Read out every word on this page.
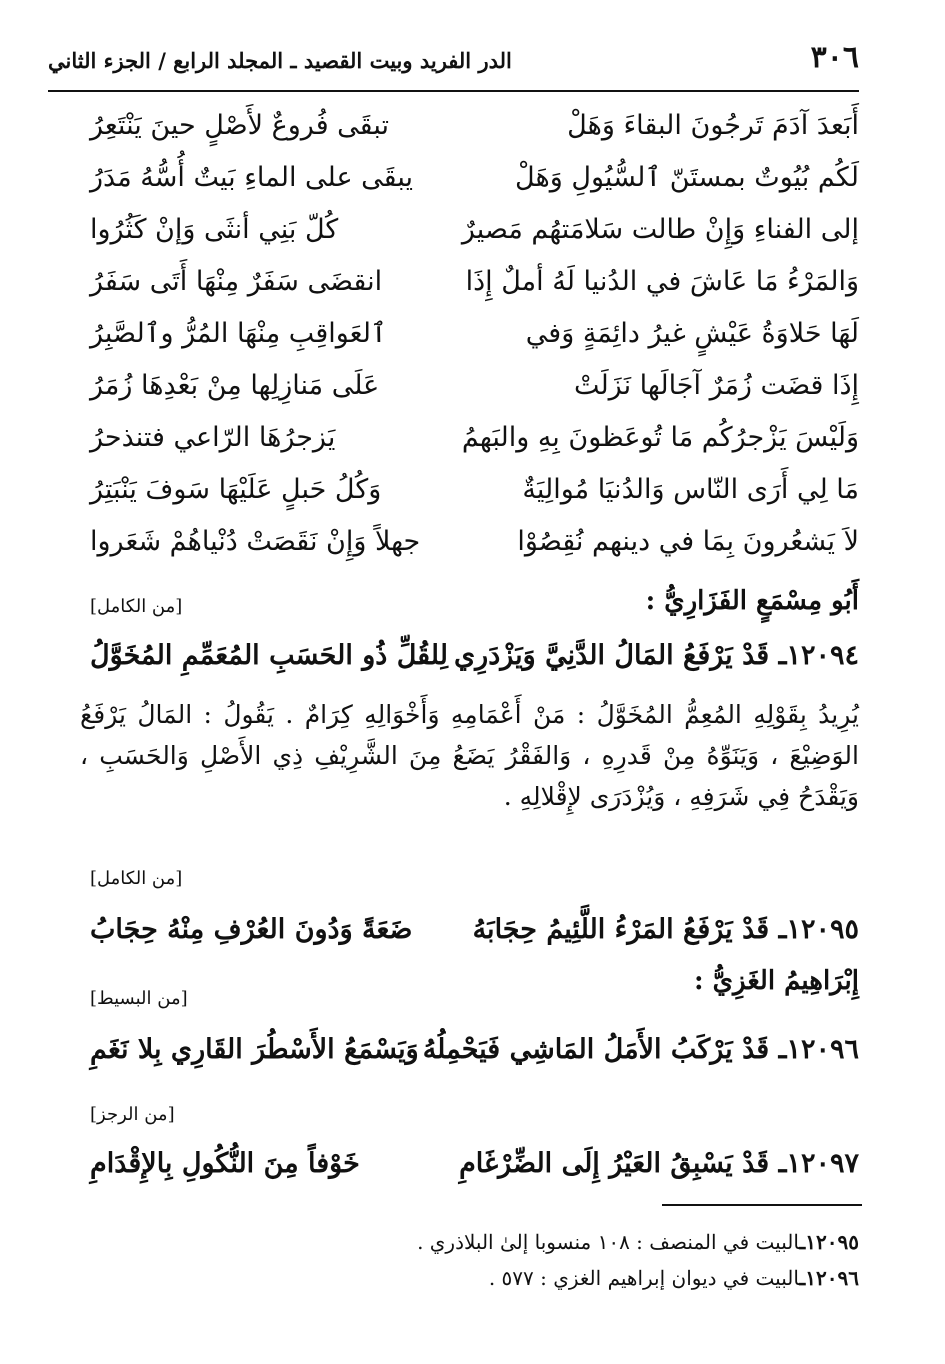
٣٠٦
الدر الفريد وبيت القصيد ـ المجلد الرابع / الجزء الثاني
أَبَعدَ آدَمَ تَرجُونَ البقاءَ وَهَلْ
تبقَى فُروعٌ لأَصْلٍ حينَ يَنْتَعِرُ
لَكُم بُيُوتٌ بمستَنّ ٱلسُّيُولِ وَهَلْ
يبقَى على الماءِ بَيتٌ أُسُّهُ مَدَرُ
إلى الفناءِ وَإِنْ طالت سَلامَتهُم مَصيرٌ
كُلّ بَنِي أنثَى وَإنْ كَثُرُوا
وَالمَرْءُ مَا عَاشَ في الدُنيا لَهُ أملٌ إِذَا
انقضَى سَفَرٌ مِنْهَا أَتَى سَفَرُ
لَهَا حَلاوَةُ عَيْشٍ غيرُ دائِمَةٍ وَفي
ٱلعَواقِبِ مِنْهَا المُرُّ وٱلصَّبِرُ
إِذَا قضَت زُمَرٌ آجَالَها نَزَلَتْ
عَلَى مَنازِلِها مِنْ بَعْدِهَا زُمَرُ
وَلَيْسَ يَزْجرُكُم مَا تُوعَظونَ بِهِ والبَهمُ
يَزجرُهَا الرّاعي فتنذحرُ
مَا لِي أَرَى النّاس وَالدُنيَا مُوالِيَةٌ
وَكُلُ حَبلٍ عَلَيْهَا سَوفَ يَنْبَتِرُ
لاَ يَشعُرونَ بِمَا في دينهم نُقِصُوْا
جهلاً وَإِنْ نَقَصَتْ دُنْياهُمْ شَعَروا
أَبُو مِسْمَعٍ الفَزَارِيُّ :
[من الكامل]
١٢٠٩٤ـ قَدْ يَرْفَعُ المَالُ الدَّنِيَّ وَيَزْدَرِي
لِلقُلِّ ذُو الحَسَبِ المُعَمِّمِ المُخَوَّلُ
يُرِيدُ بِقَوْلِهِ المُعِمُّ المُخَوَّلُ : مَنْ أَعْمَامِهِ وَأَخْوَالِهِ كِرَامٌ . يَقُولُ : المَالُ يَرْفَعُ الوَضِيْعَ ، وَيَنَوِّهُ مِنْ قَدرِهِ ، وَالفَقْرُ يَضَعُ مِنَ الشَّرِيْفِ ذِي الأَصْلِ وَالحَسَبِ ، وَيَقْدَحُ فِي شَرَفِهِ ، وَيُزْدَرَى لإِقْلالِهِ .
[من الكامل]
١٢٠٩٥ـ قَدْ يَرْفَعُ المَرْءُ اللَّئِيمُ حِجَابَهُ
ضَعَةً وَدُونَ العُرْفِ مِنْهُ حِجَابُ
إِبْرَاهِيمُ الغَزِيُّ :
[من البسيط]
١٢٠٩٦ـ قَدْ يَرْكَبُ الأَمَلُ المَاشِي فَيَحْمِلُهُ
وَيَسْمَعُ الأَسْطُرَ القَارِي بِلا نَغَمِ
[من الرجز]
١٢٠٩٧ـ قَدْ يَسْبِقُ العَيْرُ إِلَى الضِّرْغَامِ
خَوْفاً مِنَ النُّكُولِ بِالإِقْدَامِ
١٢٠٩٥ـالبيت في المنصف : ١٠٨ منسوبا إلىٰ البلاذري .
١٢٠٩٦ـالبيت في ديوان إبراهيم الغزي : ٥٧٧ .
